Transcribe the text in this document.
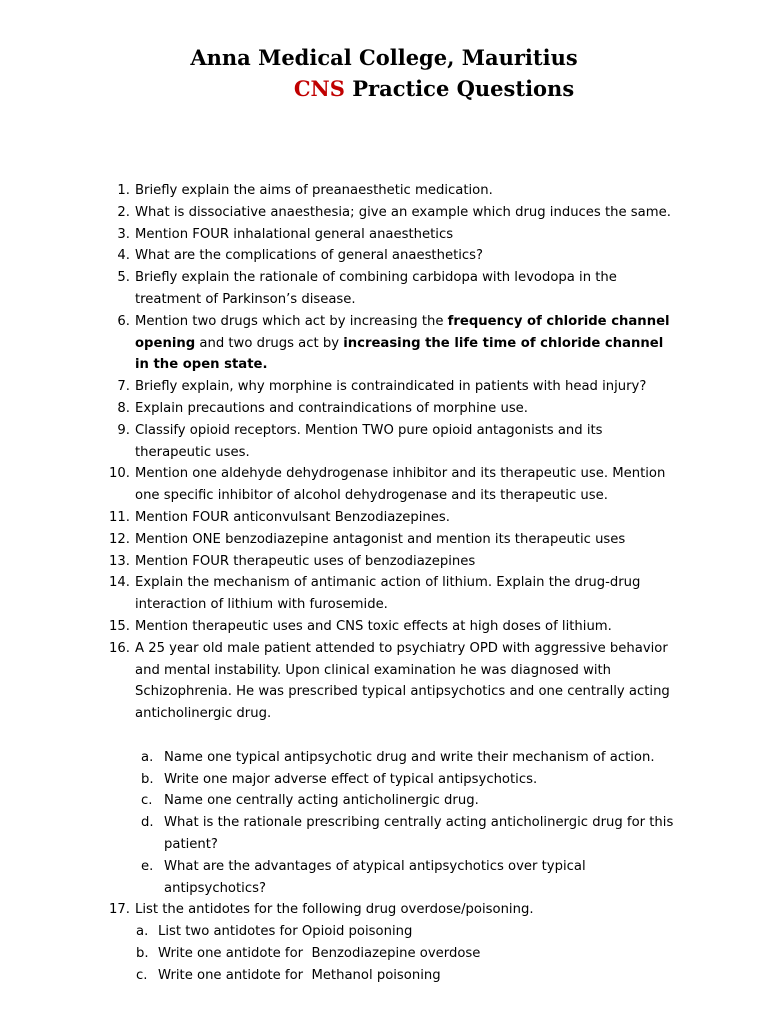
Anna Medical College, Mauritius
CNS Practice Questions
1. Briefly explain the aims of preanaesthetic medication.
2. What is dissociative anaesthesia; give an example which drug induces the same.
3. Mention FOUR inhalational general anaesthetics
4. What are the complications of general anaesthetics?
5. Briefly explain the rationale of combining carbidopa with levodopa in the treatment of Parkinson’s disease.
6. Mention two drugs which act by increasing the frequency of chloride channel opening and two drugs act by increasing the life time of chloride channel in the open state.
7. Briefly explain, why morphine is contraindicated in patients with head injury?
8. Explain precautions and contraindications of morphine use.
9. Classify opioid receptors. Mention TWO pure opioid antagonists and its therapeutic uses.
10. Mention one aldehyde dehydrogenase inhibitor and its therapeutic use. Mention one specific inhibitor of alcohol dehydrogenase and its therapeutic use.
11. Mention FOUR anticonvulsant Benzodiazepines.
12. Mention ONE benzodiazepine antagonist and mention its therapeutic uses
13. Mention FOUR therapeutic uses of benzodiazepines
14. Explain the mechanism of antimanic action of lithium. Explain the drug-drug interaction of lithium with furosemide.
15. Mention therapeutic uses and CNS toxic effects at high doses of lithium.
16. A 25 year old male patient attended to psychiatry OPD with aggressive behavior and mental instability. Upon clinical examination he was diagnosed with Schizophrenia. He was prescribed typical antipsychotics and one centrally acting anticholinergic drug.
a. Name one typical antipsychotic drug and write their mechanism of action.
b. Write one major adverse effect of typical antipsychotics.
c. Name one centrally acting anticholinergic drug.
d. What is the rationale prescribing centrally acting anticholinergic drug for this patient?
e. What are the advantages of atypical antipsychotics over typical antipsychotics?
17. List the antidotes for the following drug overdose/poisoning.
a. List two antidotes for Opioid poisoning
b. Write one antidote for  Benzodiazepine overdose
c. Write one antidote for  Methanol poisoning
